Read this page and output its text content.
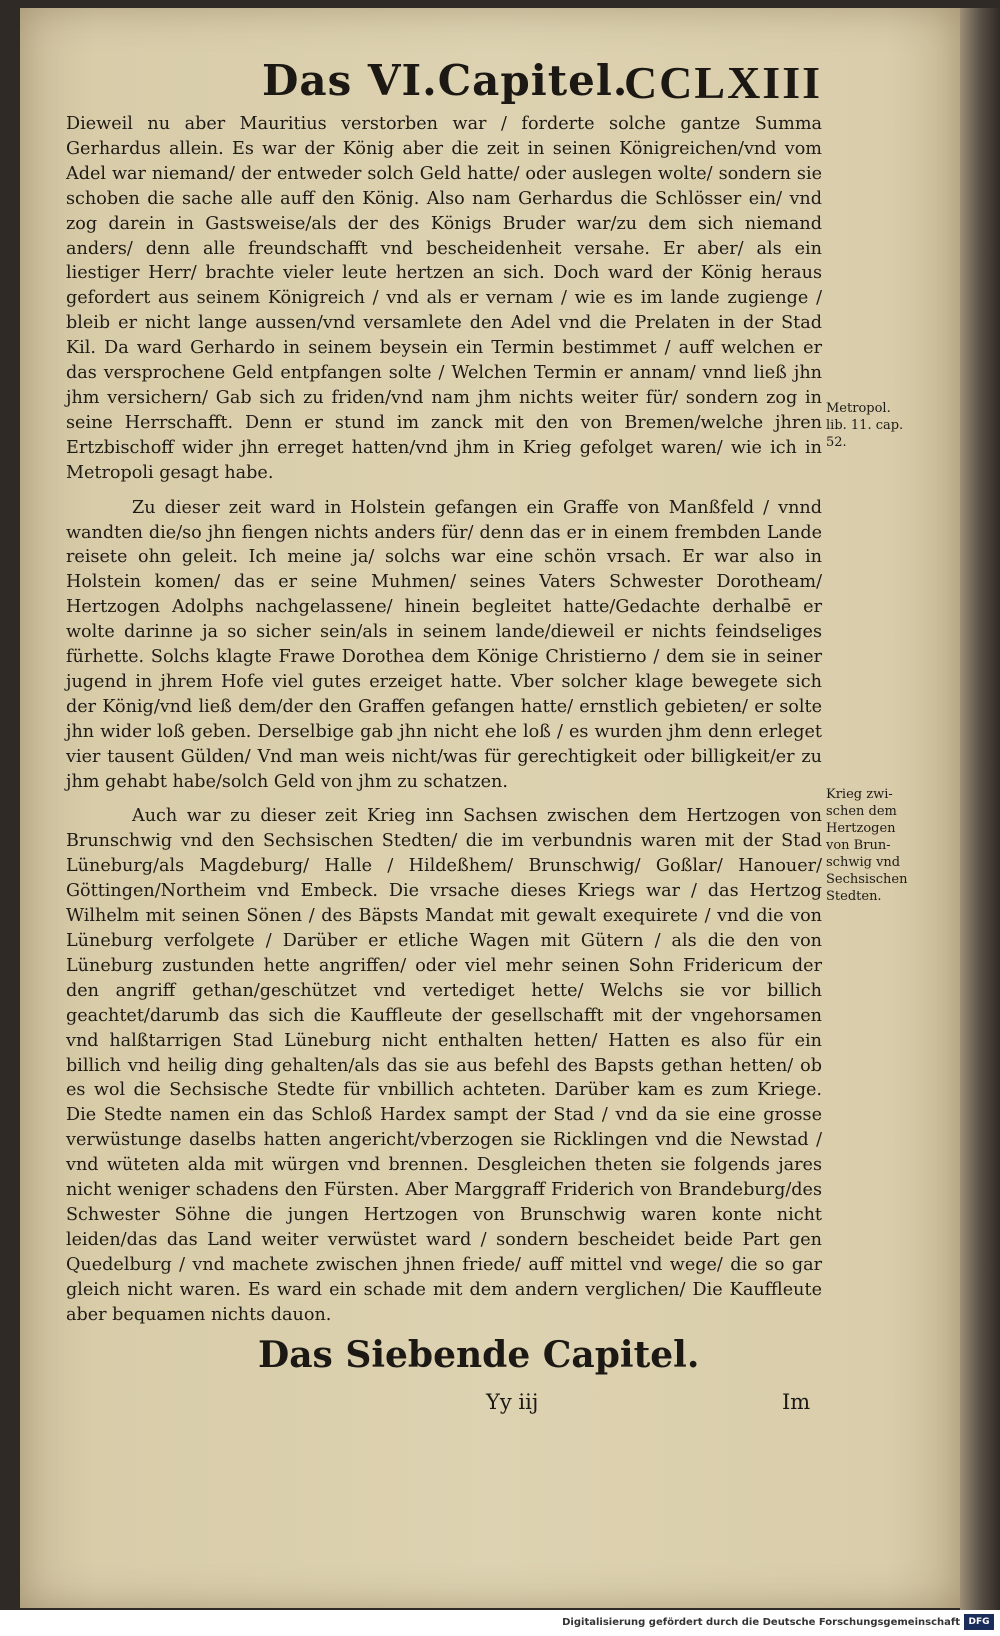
Das VI.Capitel.
CCLXIII

Dieweil nu aber Mauritius verstorben war / forderte solche gantze Summa Gerhardus allein. Es war der König aber die zeit in seinen Königreichen/vnd vom Adel war niemand/ der entweder solch Geld hatte/ oder auslegen wolte/ sondern sie schoben die sache alle auff den König. Also nam Gerhardus die Schlösser ein/ vnd zog darein in Gastsweise/als der des Königs Bruder war/zu dem sich niemand anders/ denn alle freundschafft vnd bescheidenheit versahe. Er aber/ als ein liestiger Herr/ brachte vieler leute hertzen an sich. Doch ward der König heraus gefordert aus seinem Königreich / vnd als er vernam / wie es im lande zugienge / bleib er nicht lange aussen/vnd versamlete den Adel vnd die Prelaten in der Stad Kil. Da ward Gerhardo in seinem beysein ein Termin bestimmet / auff welchen er das versprochene Geld entpfangen solte / Welchen Termin er annam/ vnnd ließ jhn jhm versichern/ Gab sich zu friden/vnd nam jhm nichts weiter für/ sondern zog in seine Herrschafft. Denn er stund im zanck mit den von Bremen/welche jhren Ertzbischoff wider jhn erreget hatten/vnd jhm in Krieg gefolget waren/ wie ich in Metropoli gesagt habe.

Zu dieser zeit ward in Holstein gefangen ein Graffe von Manßfeld / vnnd wandten die/so jhn fiengen nichts anders für/ denn das er in einem frembden Lande reisete ohn geleit. Ich meine ja/ solchs war eine schön vrsach. Er war also in Holstein komen/ das er seine Muhmen/ seines Vaters Schwester Dorotheam/ Hertzogen Adolphs nachgelassene/ hinein begleitet hatte/Gedachte derhalbē er wolte darinne ja so sicher sein/als in seinem lande/dieweil er nichts feindseliges fürhette. Solchs klagte Frawe Dorothea dem Könige Christierno / dem sie in seiner jugend in jhrem Hofe viel gutes erzeiget hatte. Vber solcher klage bewegete sich der König/vnd ließ dem/der den Graffen gefangen hatte/ ernstlich gebieten/ er solte jhn wider loß geben. Derselbige gab jhn nicht ehe loß / es wurden jhm denn erleget vier tausent Gülden/ Vnd man weis nicht/was für gerechtigkeit oder billigkeit/er zu jhm gehabt habe/solch Geld von jhm zu schatzen.

Auch war zu dieser zeit Krieg inn Sachsen zwischen dem Hertzogen von Brunschwig vnd den Sechsischen Stedten/ die im verbundnis waren mit der Stad Lüneburg/als Magdeburg/ Halle / Hildeßhem/ Brunschwig/ Goßlar/ Hanouer/ Göttingen/Northeim vnd Embeck. Die vrsache dieses Kriegs war / das Hertzog Wilhelm mit seinen Sönen / des Bäpsts Mandat mit gewalt exequirete / vnd die von Lüneburg verfolgete / Darüber er etliche Wagen mit Gütern / als die den von Lüneburg zustunden hette angriffen/ oder viel mehr seinen Sohn Fridericum der den angriff gethan/geschützet vnd vertediget hette/ Welchs sie vor billich geachtet/darumb das sich die Kauffleute der gesellschafft mit der vngehorsamen vnd halßtarrigen Stad Lüneburg nicht enthalten hetten/ Hatten es also für ein billich vnd heilig ding gehalten/als das sie aus befehl des Bapsts gethan hetten/ ob es wol die Sechsische Stedte für vnbillich achteten. Darüber kam es zum Kriege. Die Stedte namen ein das Schloß Hardex sampt der Stad / vnd da sie eine grosse verwüstunge daselbs hatten angericht/vberzogen sie Ricklingen vnd die Newstad / vnd wüteten alda mit würgen vnd brennen. Desgleichen theten sie folgends jares nicht weniger schadens den Fürsten. Aber Marggraff Friderich von Brandeburg/des Schwester Söhne die jungen Hertzogen von Brunschwig waren konte nicht leiden/das das Land weiter verwüstet ward / sondern bescheidet beide Part gen Quedelburg / vnd machete zwischen jhnen friede/ auff mittel vnd wege/ die so gar gleich nicht waren. Es ward ein schade mit dem andern verglichen/ Die Kauffleute aber bequamen nichts dauon.

Metropol.
lib. 11. cap.
52.
Krieg zwi-
schen dem
Hertzogen
von Brun-
schwig vnd
Sechsischen
Stedten.
Das Siebende Capitel.
Yy iij	Im
Digitalisierung gefördert durch die Deutsche Forschungsgemeinschaft DFG
